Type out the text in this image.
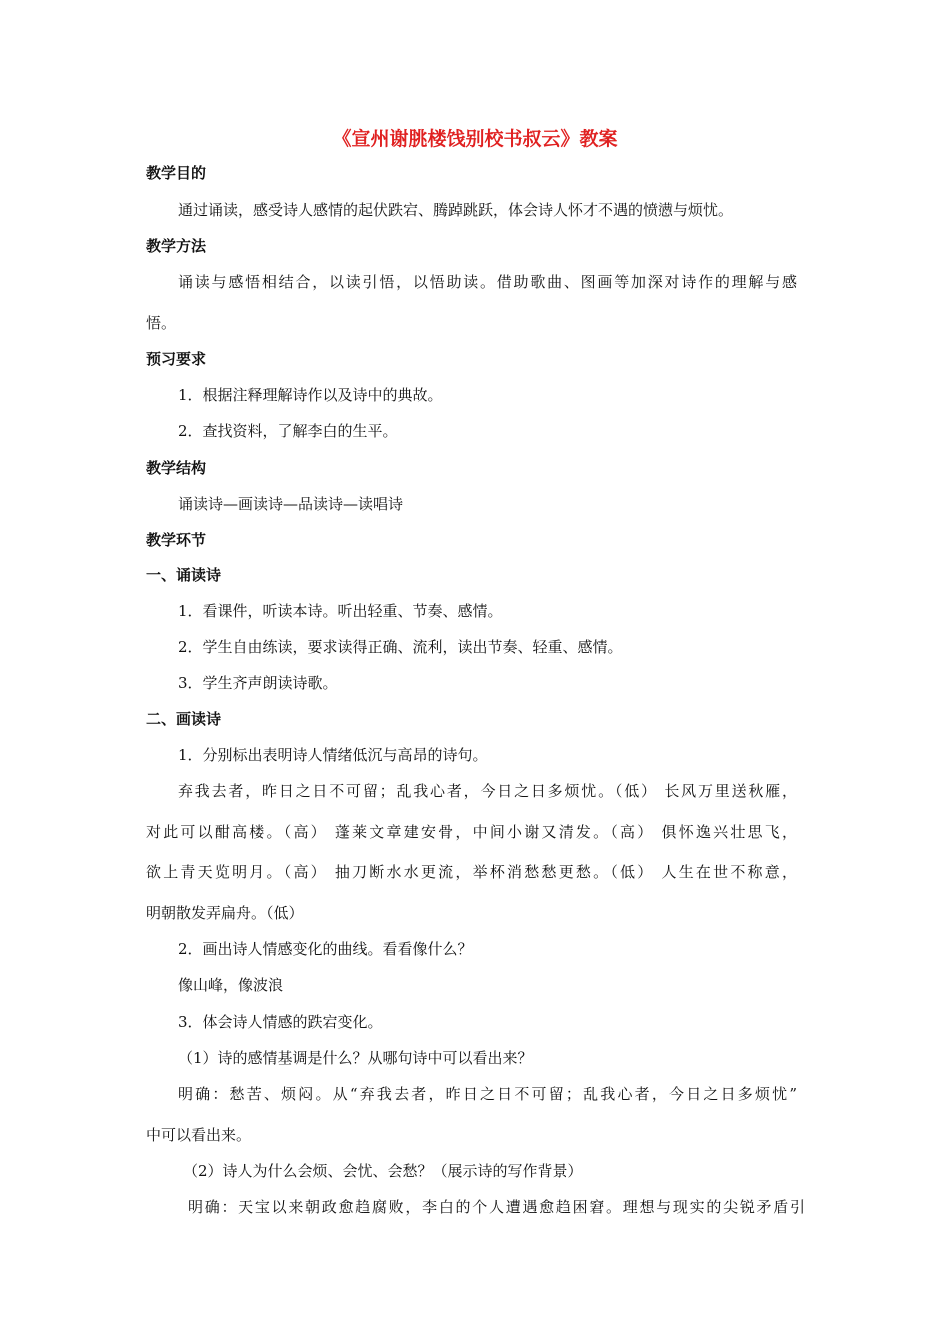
《宣州谢朓楼饯别校书叔云》教案
教学目的
通过诵读，感受诗人感情的起伏跌宕、腾踔跳跃，体会诗人怀才不遇的愤懑与烦忧。
教学方法
诵读与感悟相结合，以读引悟，以悟助读。借助歌曲、图画等加深对诗作的理解与感
悟。
预习要求
1．根据注释理解诗作以及诗中的典故。
2．查找资料，了解李白的生平。
教学结构
诵读诗—画读诗—品读诗—读唱诗
教学环节
一、诵读诗
1．看课件，听读本诗。听出轻重、节奏、感情。
2．学生自由练读，要求读得正确、流利，读出节奏、轻重、感情。
3．学生齐声朗读诗歌。
二、画读诗
1．分别标出表明诗人情绪低沉与高昂的诗句。
弃我去者，昨日之日不可留；乱我心者，今日之日多烦忧。（低） 长风万里送秋雁，
对此可以酣高楼。（高） 蓬莱文章建安骨，中间小谢又清发。（高） 俱怀逸兴壮思飞，
欲上青天览明月。（高） 抽刀断水水更流，举杯消愁愁更愁。（低） 人生在世不称意，
明朝散发弄扁舟。（低）
2．画出诗人情感变化的曲线。看看像什么？
像山峰，像波浪
3．体会诗人情感的跌宕变化。
（1）诗的感情基调是什么？从哪句诗中可以看出来？
明确：愁苦、烦闷。从“弃我去者，昨日之日不可留；乱我心者，今日之日多烦忧”
中可以看出来。
（2）诗人为什么会烦、会忧、会愁？（展示诗的写作背景）
明确：天宝以来朝政愈趋腐败，李白的个人遭遇愈趋困窘。理想与现实的尖锐矛盾引
